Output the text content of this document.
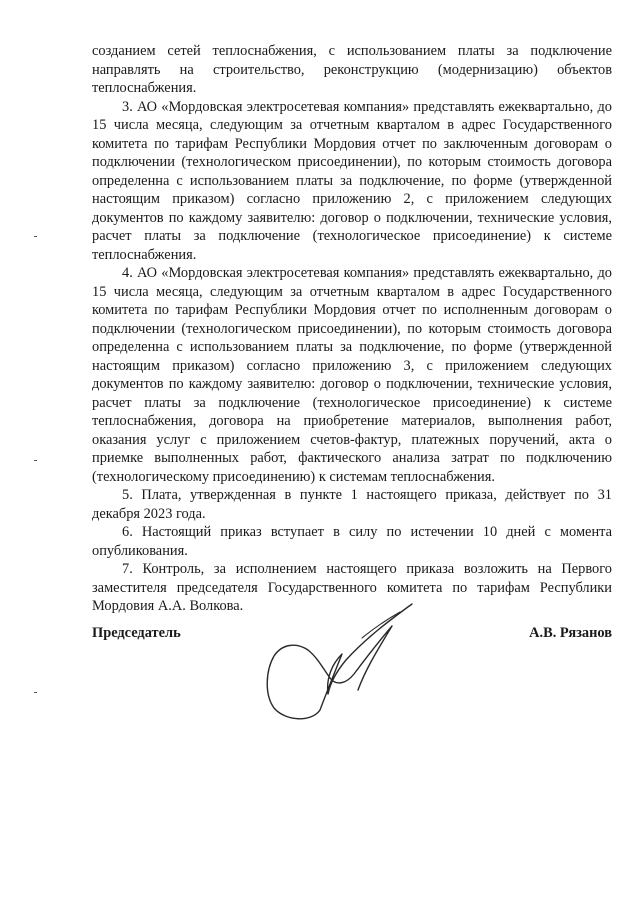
созданием сетей теплоснабжения, с использованием платы за подключение направлять на строительство, реконструкцию (модернизацию) объектов теплоснабжения.

3. АО «Мордовская электросетевая компания» представлять ежеквартально, до 15 числа месяца, следующим за отчетным кварталом в адрес Государственного комитета по тарифам Республики Мордовия отчет по заключенным договорам о подключении (технологическом присоединении), по которым стоимость договора определенна с использованием платы за подключение, по форме (утвержденной настоящим приказом) согласно приложению 2, с приложением следующих документов по каждому заявителю: договор о подключении, технические условия, расчет платы за подключение (технологическое присоединение) к системе теплоснабжения.

4. АО «Мордовская электросетевая компания» представлять ежеквартально, до 15 числа месяца, следующим за отчетным кварталом в адрес Государственного комитета по тарифам Республики Мордовия отчет по исполненным договорам о подключении (технологическом присоединении), по которым стоимость договора определенна с использованием платы за подключение, по форме (утвержденной настоящим приказом) согласно приложению 3, с приложением следующих документов по каждому заявителю: договор о подключении, технические условия, расчет платы за подключение (технологическое присоединение) к системе теплоснабжения, договора на приобретение материалов, выполнения работ, оказания услуг с приложением счетов-фактур, платежных поручений, акта о приемке выполненных работ, фактического анализа затрат по подключению (технологическому присоединению) к системам теплоснабжения.

5. Плата, утвержденная в пункте 1 настоящего приказа, действует по 31 декабря 2023 года.

6. Настоящий приказ вступает в силу по истечении 10 дней с момента опубликования.

7. Контроль, за исполнением настоящего приказа возложить на Первого заместителя председателя Государственного комитета по тарифам Республики Мордовия А.А. Волкова.

Председатель	А.В. Рязанов
